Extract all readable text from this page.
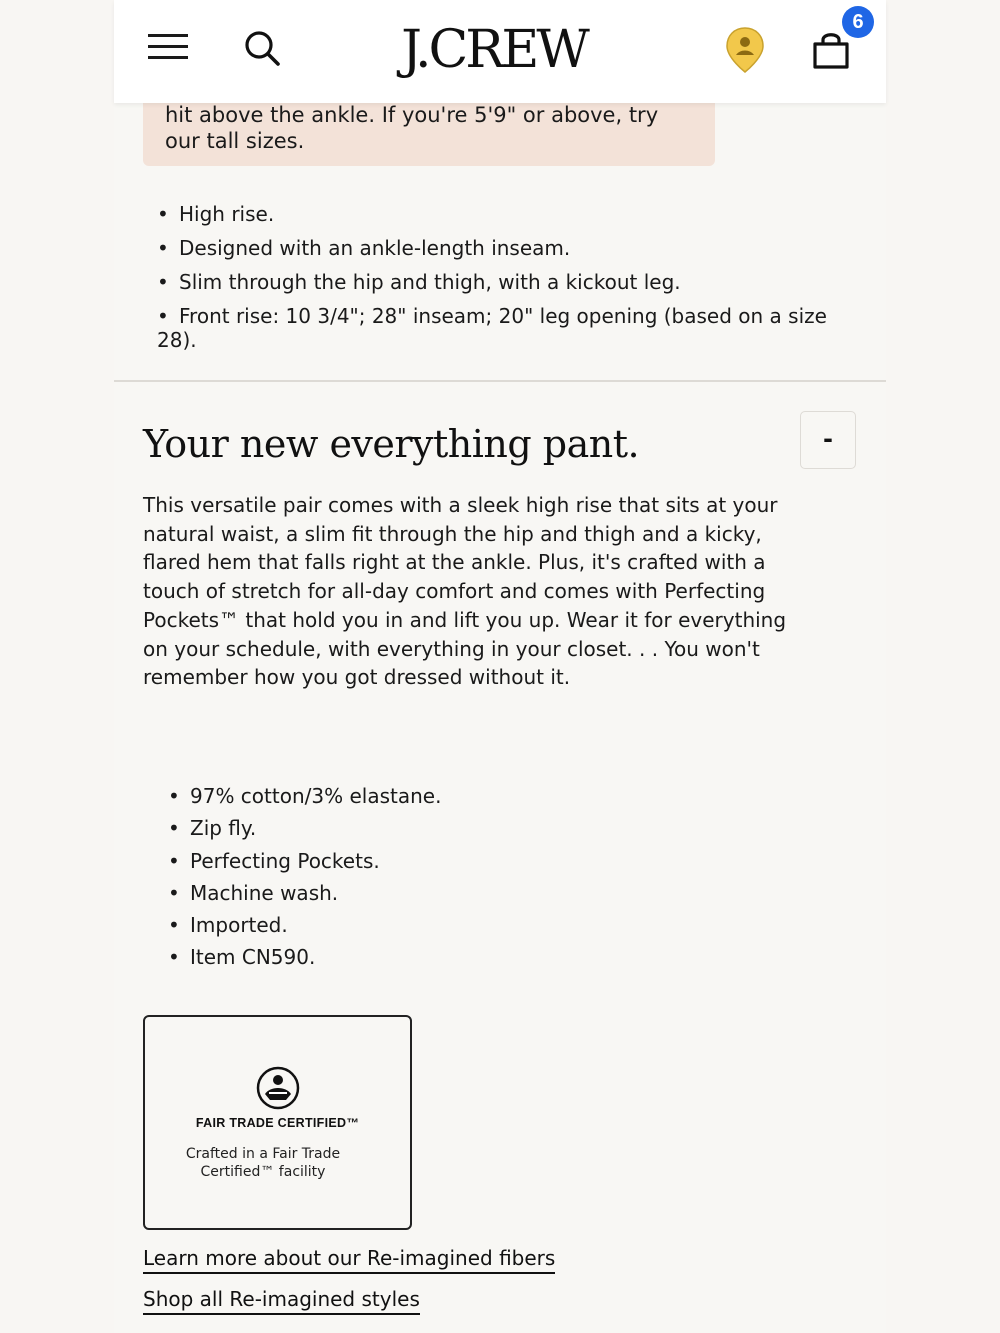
hit above the ankle. If you're 5'9" or above, try our tall sizes.
• High rise.
• Designed with an ankle-length inseam.
• Slim through the hip and thigh, with a kickout leg.
• Front rise: 10 3/4"; 28" inseam; 20" leg opening (based on a size 28).
Your new everything pant.	-

This versatile pair comes with a sleek high rise that sits at your natural waist, a slim fit through the hip and thigh and a kicky, flared hem that falls right at the ankle. Plus, it's crafted with a touch of stretch for all-day comfort and comes with Perfecting Pockets™ that hold you in and lift you up. Wear it for everything on your schedule, with everything in your closet. . . You won't remember how you got dressed without it.

• 97% cotton/3% elastane.
• Zip fly.
• Perfecting Pockets.
• Machine wash.
• Imported.
• Item CN590.
FAIR TRADE CERTIFIED™
Crafted in a Fair Trade Certified™ facility
Learn more about our Re-imagined fibers
Shop all Re-imagined styles
J.CREW	6
